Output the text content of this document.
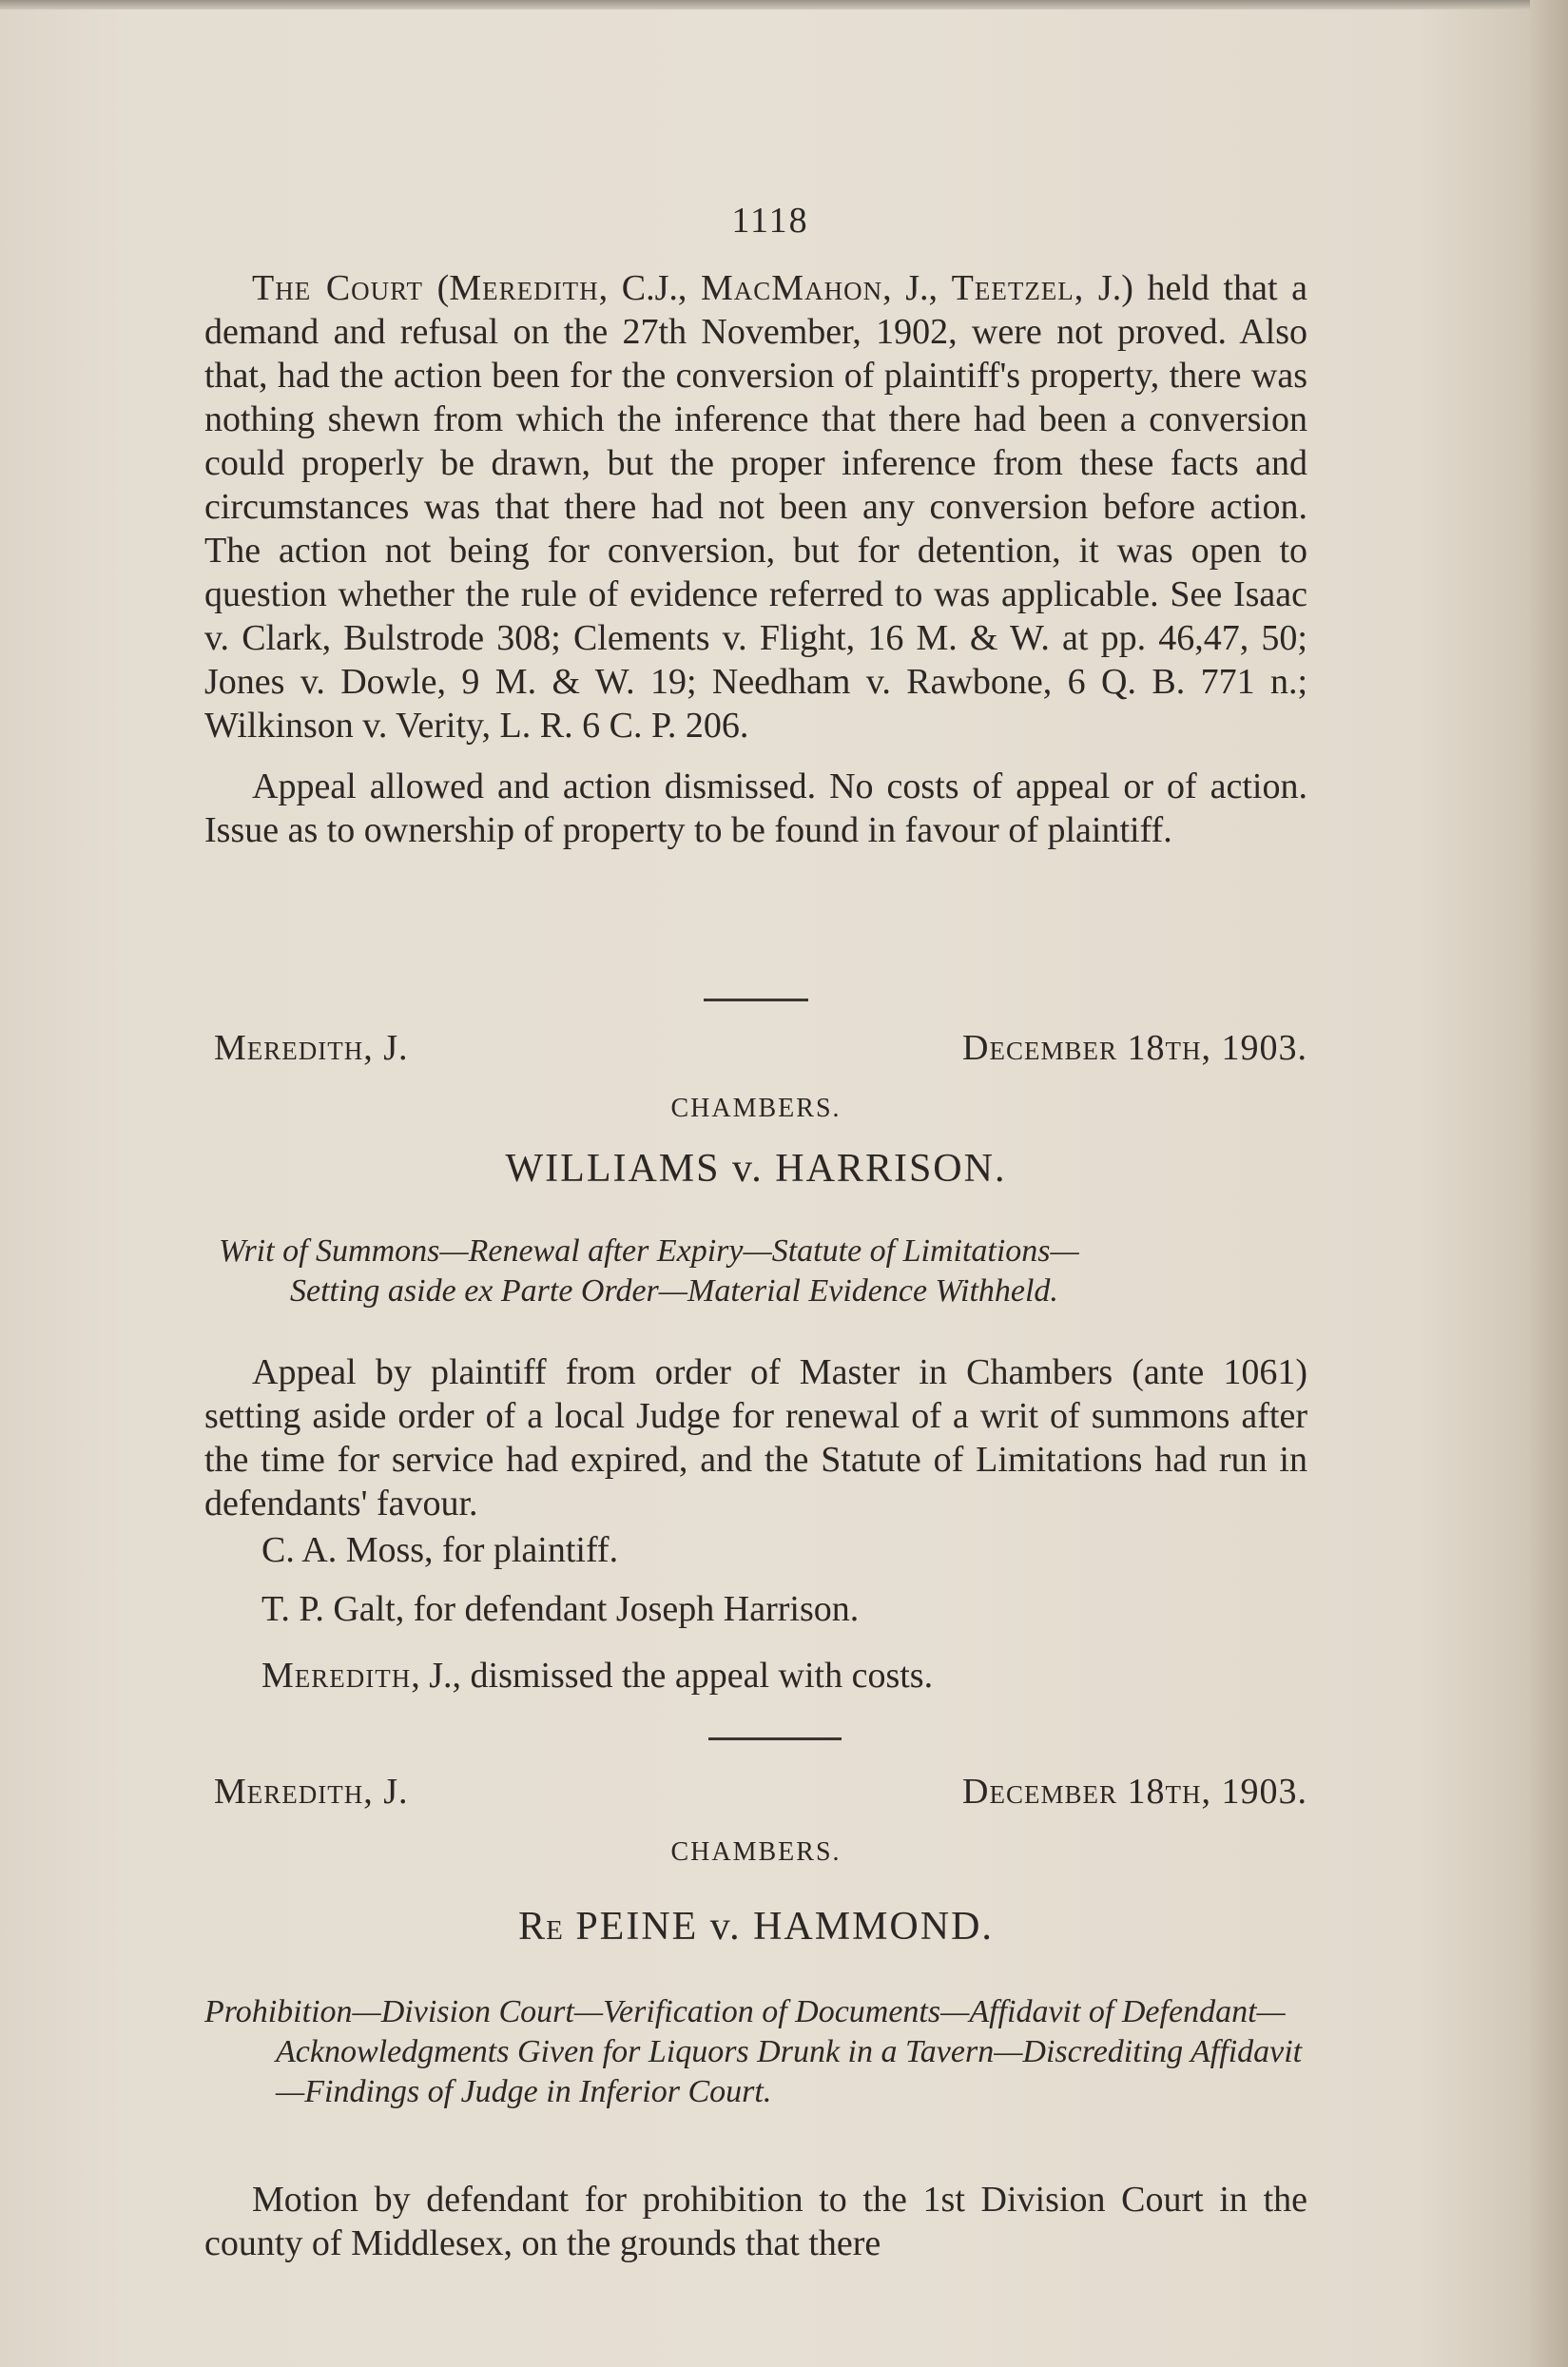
1118

The Court (Meredith, C.J., MacMahon, J., Teetzel, J.) held that a demand and refusal on the 27th November, 1902, were not proved. Also that, had the action been for the conversion of plaintiff's property, there was nothing shewn from which the inference that there had been a conversion could properly be drawn, but the proper inference from these facts and circumstances was that there had not been any conversion before action. The action not being for conversion, but for detention, it was open to question whether the rule of evidence referred to was applicable. See Isaac v. Clark, Bulstrode 308; Clements v. Flight, 16 M. & W. at pp. 46,47, 50; Jones v. Dowle, 9 M. & W. 19; Needham v. Rawbone, 6 Q. B. 771 n.; Wilkinson v. Verity, L. R. 6 C. P. 206.

Appeal allowed and action dismissed. No costs of appeal or of action. Issue as to ownership of property to be found in favour of plaintiff.

Meredith, J.	December 18th, 1903.
CHAMBERS.
WILLIAMS v. HARRISON.
Writ of Summons—Renewal after Expiry—Statute of Limitations—
Setting aside ex Parte Order—Material Evidence Withheld.

Appeal by plaintiff from order of Master in Chambers (ante 1061) setting aside order of a local Judge for renewal of a writ of summons after the time for service had expired, and the Statute of Limitations had run in defendants' favour.

C. A. Moss, for plaintiff.
T. P. Galt, for defendant Joseph Harrison.
Meredith, J., dismissed the appeal with costs.
Meredith, J.	December 18th, 1903.
CHAMBERS.
Re PEINE v. HAMMOND.
Prohibition—Division Court—Verification of Documents—Affidavit of Defendant—Acknowledgments Given for Liquors Drunk in a Tavern—Discrediting Affidavit—Findings of Judge in Inferior Court.

Motion by defendant for prohibition to the 1st Division Court in the county of Middlesex, on the grounds that there
